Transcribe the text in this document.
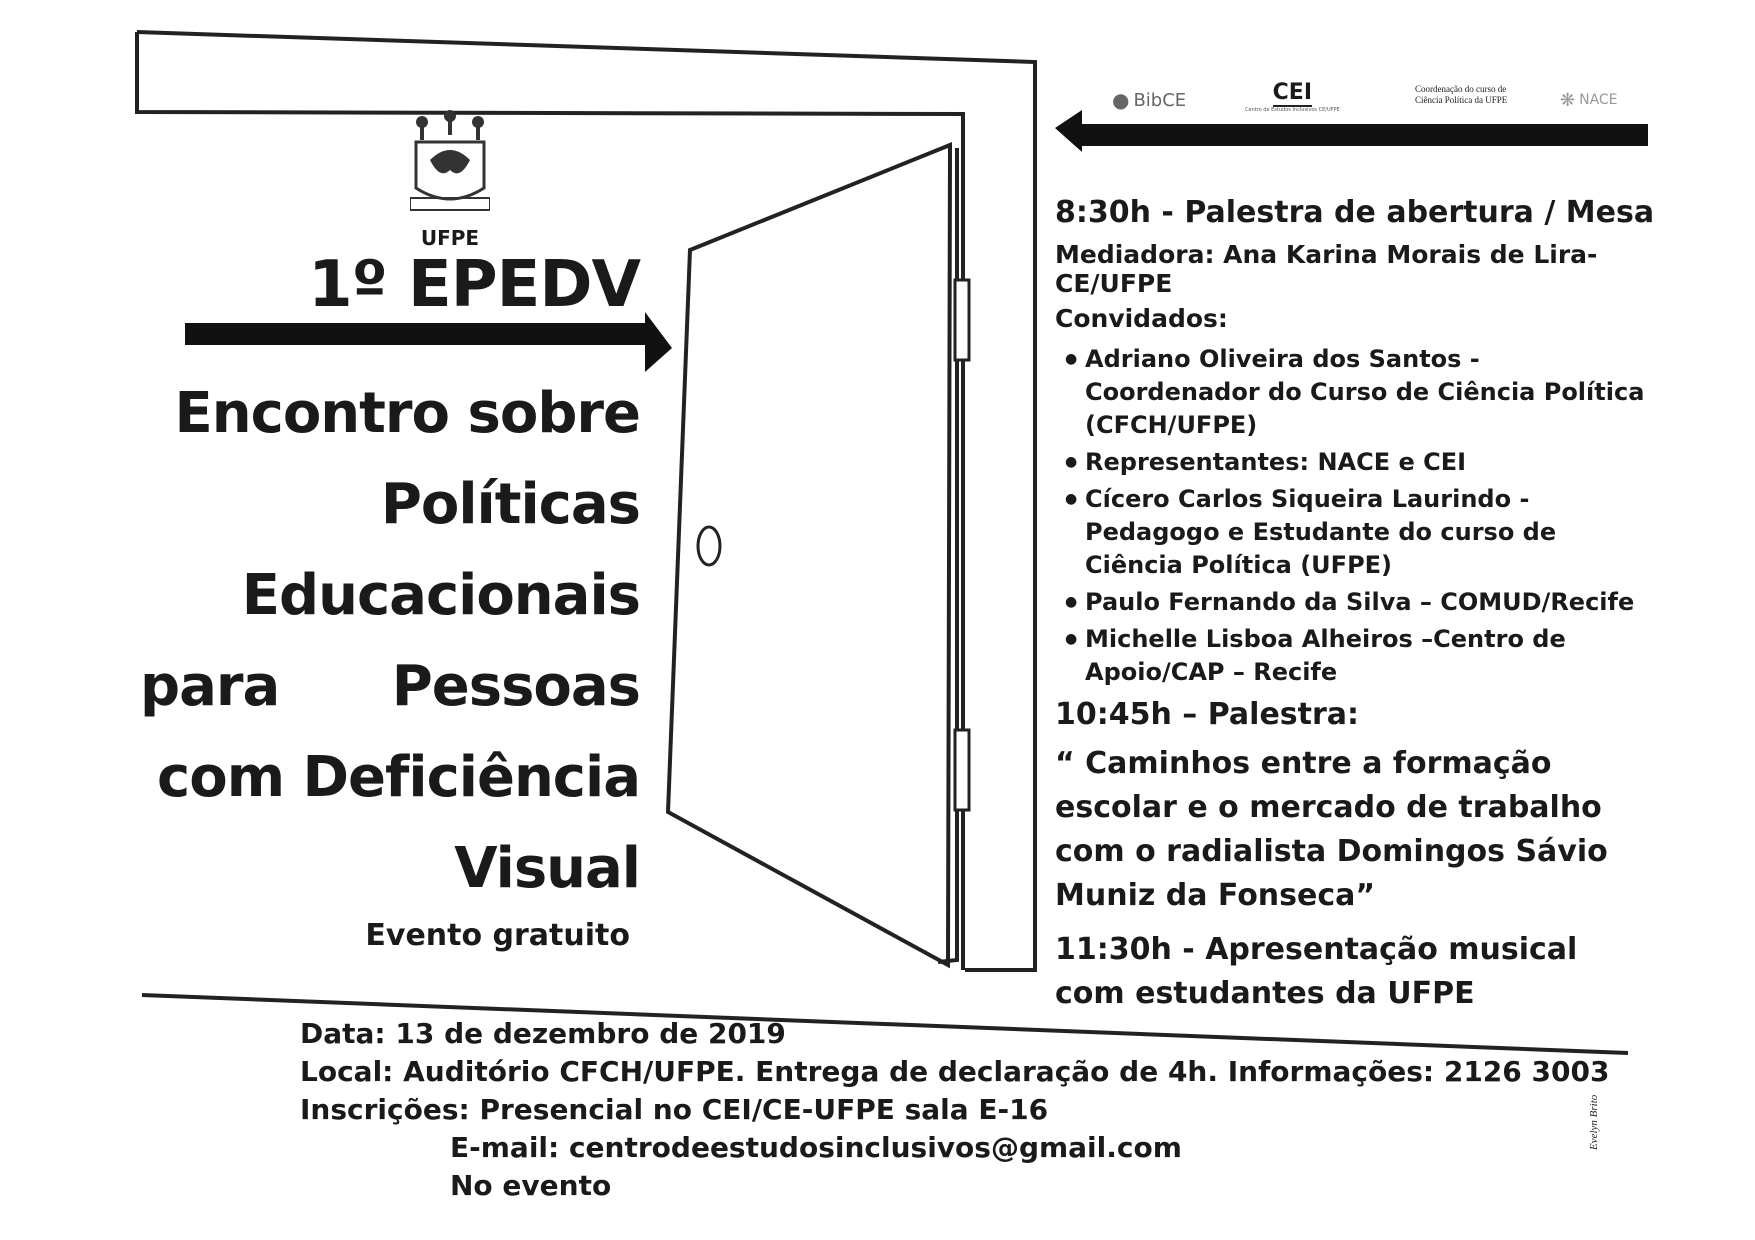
UFPE
1º EPEDV
Encontro sobre
Políticas
Educacionais
para Pessoas
com Deficiência
Visual
Evento gratuito
● BibCE	CEI
Centro de Estudos Inclusivos CE/UFPE
Coordenação do curso de Ciência Política da UFPE	❋ NACE
8:30h - Palestra de abertura / Mesa
Mediadora: Ana Karina Morais de Lira- CE/UFPE
Convidados:
● Adriano Oliveira dos Santos - Coordenador do Curso de Ciência Política (CFCH/UFPE)
● Representantes: NACE e CEI
● Cícero Carlos Siqueira Laurindo - Pedagogo e Estudante do curso de Ciência Política (UFPE)
● Paulo Fernando da Silva – COMUD/Recife
● Michelle Lisboa Alheiros –Centro de Apoio/CAP – Recife
10:45h – Palestra:
“ Caminhos entre a formação escolar e o mercado de trabalho com o radialista Domingos Sávio Muniz da Fonseca”
11:30h - Apresentação musical com estudantes da UFPE
Data: 13 de dezembro de 2019
Local: Auditório CFCH/UFPE. Entrega de declaração de 4h. Informações: 2126 3003
Inscrições: Presencial no CEI/CE-UFPE sala E-16
E-mail: centrodeestudosinclusivos@gmail.com
No evento
Evelyn Brito
